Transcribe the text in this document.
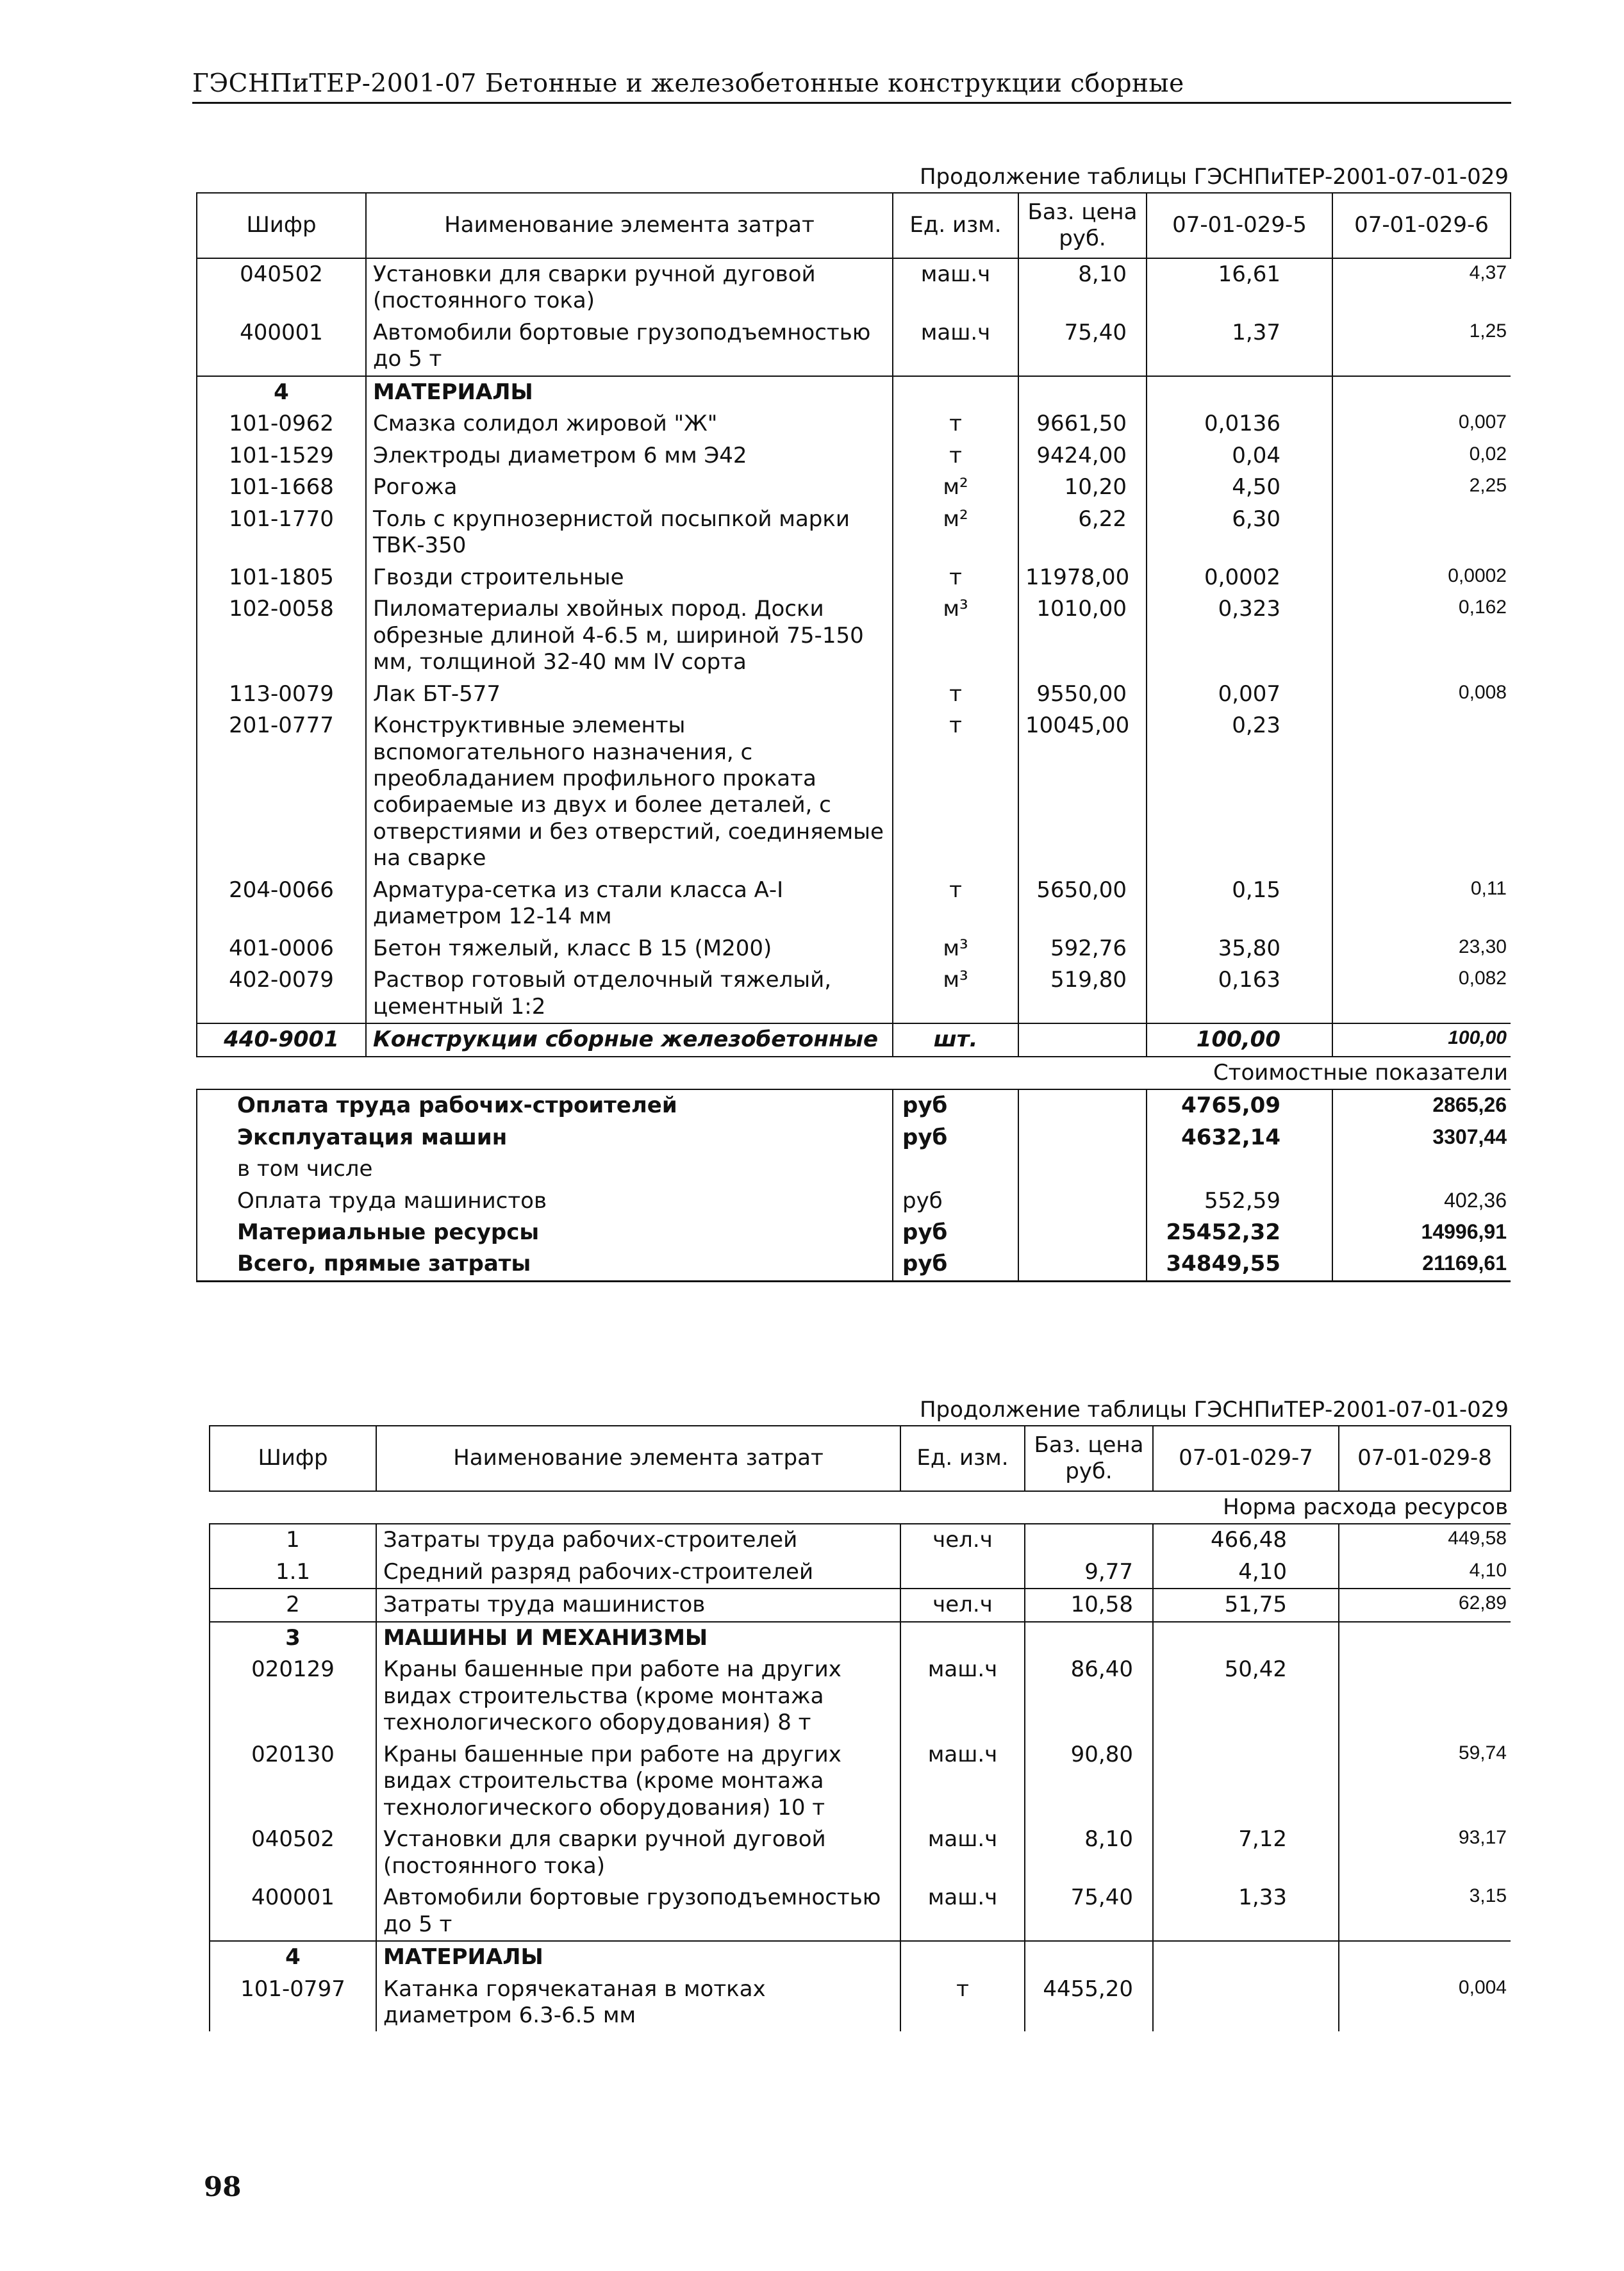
ГЭСНПиТЕР-2001-07 Бетонные и железобетонные конструкции сборные
Продолжение таблицы ГЭСНПиТЕР-2001-07-01-029
Шифр	Наименование элемента затрат	Ед. изм.	Баз. цена руб.	07-01-029-5	07-01-029-6
040502	Установки для сварки ручной дуговой (постоянного тока)	маш.ч	8,10	16,61	4,37
400001	Автомобили бортовые грузоподъемностью до 5 т	маш.ч	75,40	1,37	1,25
4	МАТЕРИАЛЫ				
101-0962	Смазка солидол жировой "Ж"	т	9661,50	0,0136	0,007
101-1529	Электроды диаметром 6 мм Э42	т	9424,00	0,04	0,02
101-1668	Рогожа	м²	10,20	4,50	2,25
101-1770	Толь с крупнозернистой посыпкой марки ТВК-350	м²	6,22	6,30	
101-1805	Гвозди строительные	т	11978,00	0,0002	0,0002
102-0058	Пиломатериалы хвойных пород. Доски обрезные длиной 4-6.5 м, шириной 75-150 мм, толщиной 32-40 мм IV сорта	м³	1010,00	0,323	0,162
113-0079	Лак БТ-577	т	9550,00	0,007	0,008
201-0777	Конструктивные элементы вспомогательного назначения, с преобладанием профильного проката собираемые из двух и более деталей, с отверстиями и без отверстий, соединяемые на сварке	т	10045,00	0,23	
204-0066	Арматура-сетка из стали класса А-I диаметром 12-14 мм	т	5650,00	0,15	0,11
401-0006	Бетон тяжелый, класс В 15 (М200)	м³	592,76	35,80	23,30
402-0079	Раствор готовый отделочный тяжелый, цементный 1:2	м³	519,80	0,163	0,082
440-9001	Конструкции сборные железобетонные	шт.		100,00	100,00
Стоимостные показатели					
Оплата труда рабочих-строителей		руб		4765,09	2865,26
Эксплуатация машин		руб		4632,14	3307,44
в том числе					
Оплата труда машинистов		руб		552,59	402,36
Материальные ресурсы		руб		25452,32	14996,91
Всего, прямые затраты		руб		34849,55	21169,61
Продолжение таблицы ГЭСНПиТЕР-2001-07-01-029
Шифр	Наименование элемента затрат	Ед. изм.	Баз. цена руб.	07-01-029-7	07-01-029-8
Норма расхода ресурсов					
1	Затраты труда рабочих-строителей	чел.ч		466,48	449,58
1.1	Средний разряд рабочих-строителей		9,77	4,10	4,10
2	Затраты труда машинистов	чел.ч	10,58	51,75	62,89
3	МАШИНЫ И МЕХАНИЗМЫ				
020129	Краны башенные при работе на других видах строительства (кроме монтажа технологического оборудования) 8 т	маш.ч	86,40	50,42	
020130	Краны башенные при работе на других видах строительства (кроме монтажа технологического оборудования) 10 т	маш.ч	90,80		59,74
040502	Установки для сварки ручной дуговой (постоянного тока)	маш.ч	8,10	7,12	93,17
400001	Автомобили бортовые грузоподъемностью до 5 т	маш.ч	75,40	1,33	3,15
4	МАТЕРИАЛЫ				
101-0797	Катанка горячекатаная в мотках диаметром 6.3-6.5 мм	т	4455,20		0,004
98
